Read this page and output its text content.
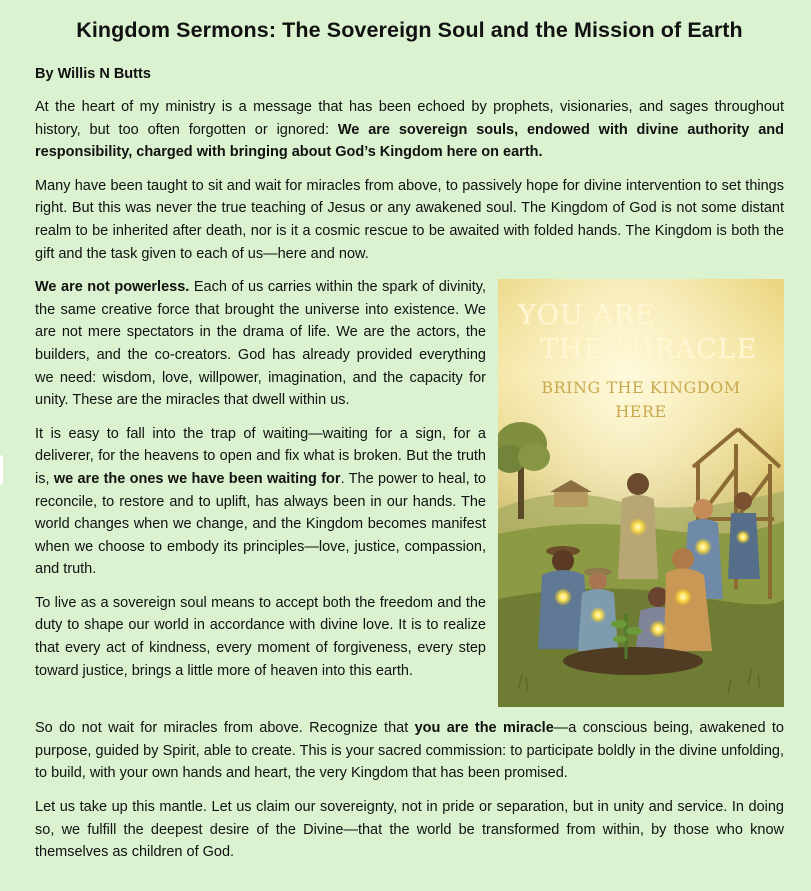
Kingdom Sermons: The Sovereign Soul and the Mission of Earth
By Willis N Butts

At the heart of my ministry is a message that has been echoed by prophets, visionaries, and sages throughout history, but too often forgotten or ignored: We are sovereign souls, endowed with divine authority and responsibility, charged with bringing about God’s Kingdom here on earth.

Many have been taught to sit and wait for miracles from above, to passively hope for divine intervention to set things right. But this was never the true teaching of Jesus or any awakened soul. The Kingdom of God is not some distant realm to be inherited after death, nor is it a cosmic rescue to be awaited with folded hands. The Kingdom is both the gift and the task given to each of us—here and now.

YOU ARE
THE MIRACLE
BRING THE KINGDOM
HERE

We are not powerless. Each of us carries within the spark of divinity, the same creative force that brought the universe into existence. We are not mere spectators in the drama of life. We are the actors, the builders, and the co-creators. God has already provided everything we need: wisdom, love, willpower, imagination, and the capacity for unity. These are the miracles that dwell within us.

It is easy to fall into the trap of waiting—waiting for a sign, for a deliverer, for the heavens to open and fix what is broken. But the truth is, we are the ones we have been waiting for. The power to heal, to reconcile, to restore and to uplift, has always been in our hands. The world changes when we change, and the Kingdom becomes manifest when we choose to embody its principles—love, justice, compassion, and truth.

To live as a sovereign soul means to accept both the freedom and the duty to shape our world in accordance with divine love. It is to realize that every act of kindness, every moment of forgiveness, every step toward justice, brings a little more of heaven into this earth.

So do not wait for miracles from above. Recognize that you are the miracle—a conscious being, awakened to purpose, guided by Spirit, able to create. This is your sacred commission: to participate boldly in the divine unfolding, to build, with your own hands and heart, the very Kingdom that has been promised.

Let us take up this mantle. Let us claim our sovereignty, not in pride or separation, but in unity and service. In doing so, we fulfill the deepest desire of the Divine—that the world be transformed from within, by those who know themselves as children of God.
